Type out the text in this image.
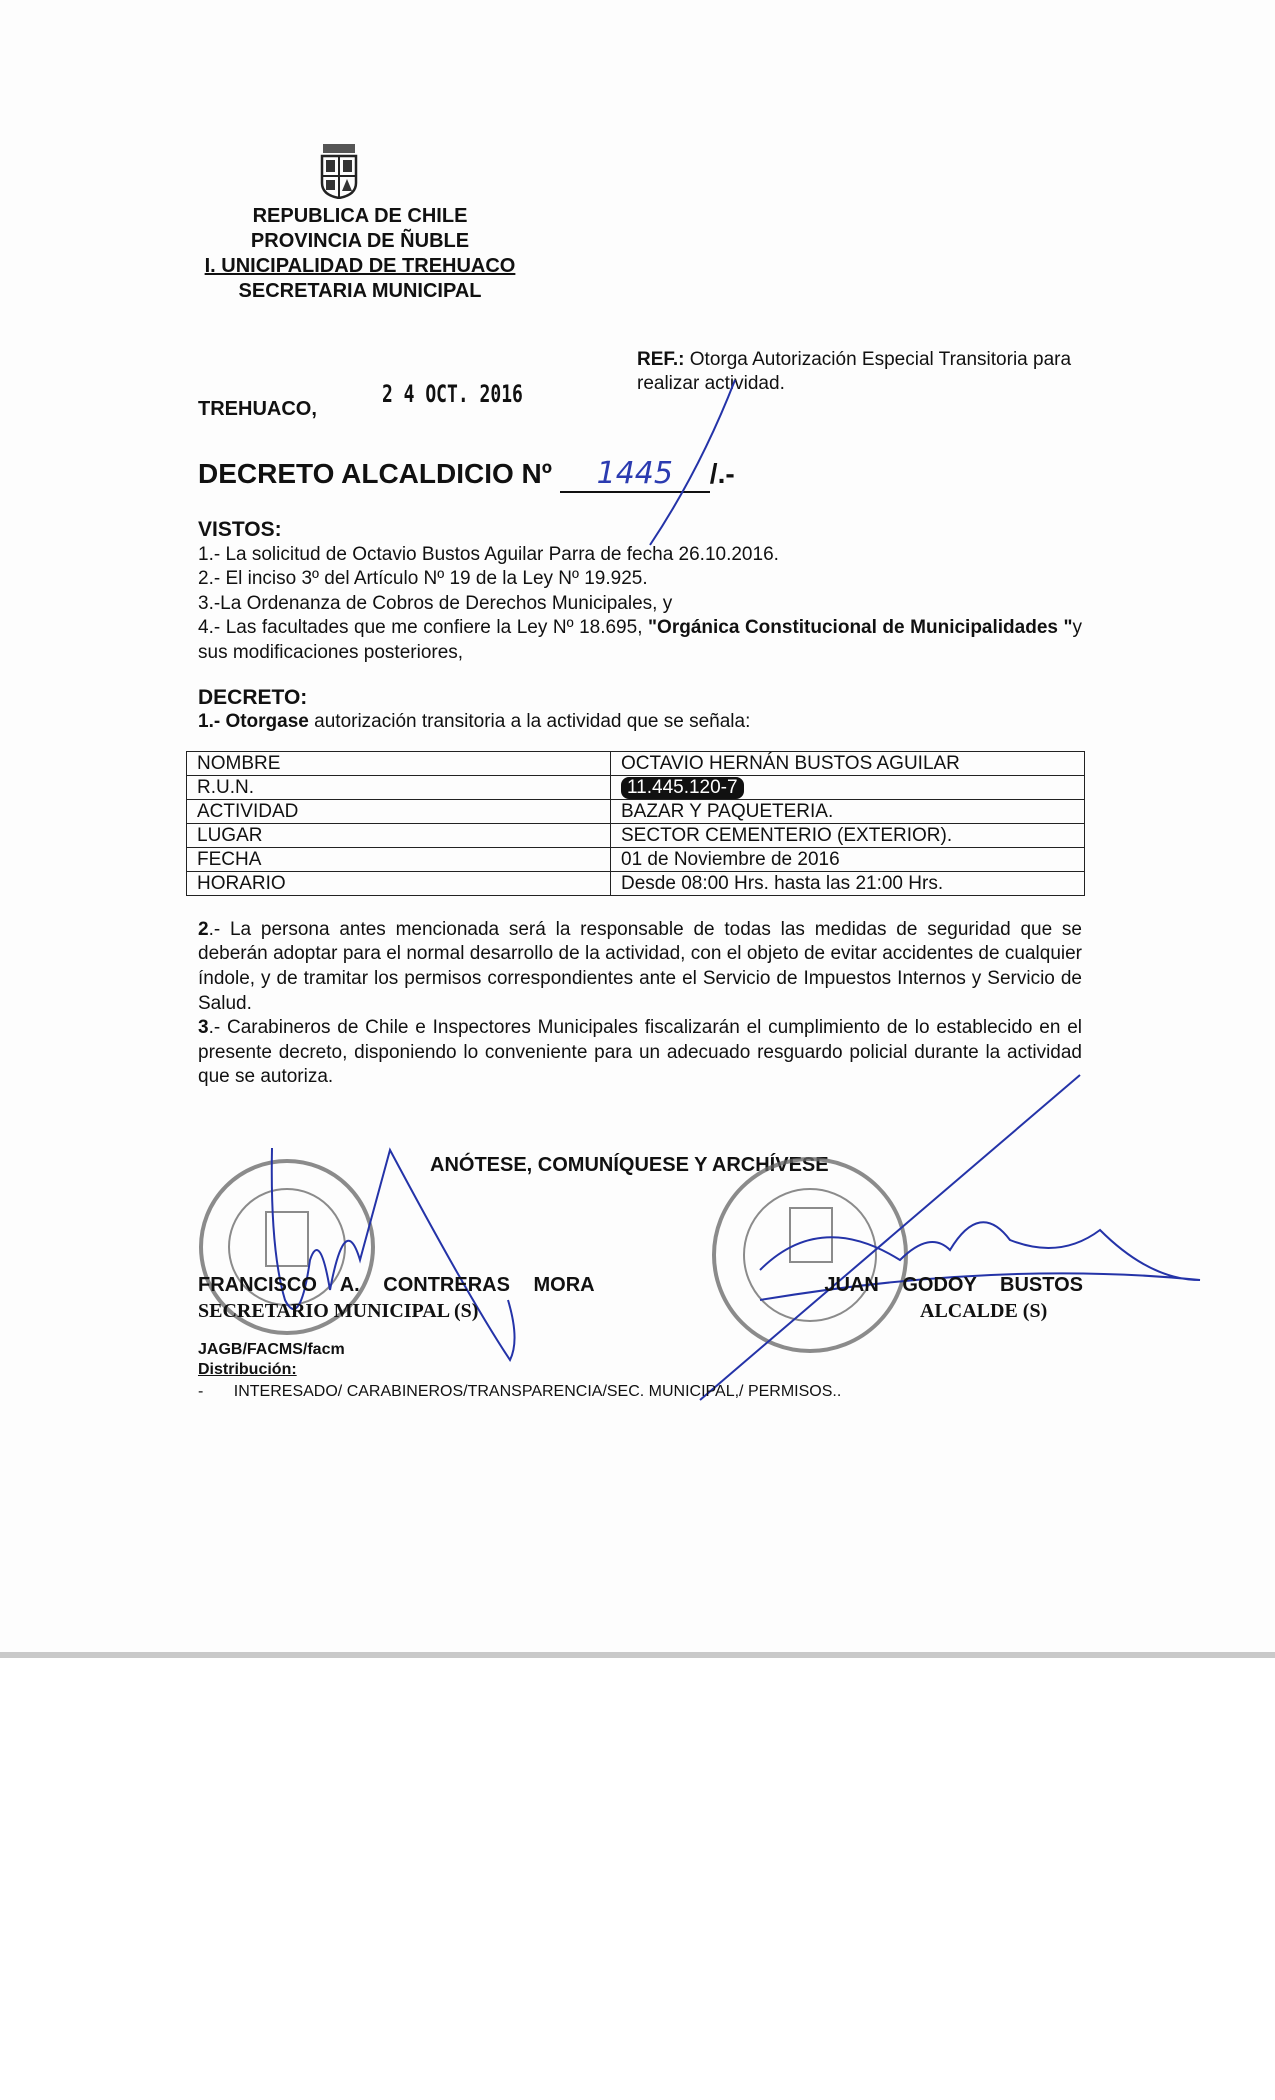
REPUBLICA DE CHILE
PROVINCIA DE ÑUBLE
I. UNICIPALIDAD DE TREHUACO
SECRETARIA MUNICIPAL
REF.: Otorga Autorización Especial Transitoria para realizar actividad.
TREHUACO,
2 4 OCT. 2016
DECRETO ALCALDICIO Nº 1445 /.-
VISTOS:
1.- La solicitud de Octavio Bustos Aguilar Parra de fecha 26.10.2016.
2.- El inciso 3º del Artículo Nº 19 de la Ley Nº 19.925.
3.-La Ordenanza de Cobros de Derechos Municipales, y
4.- Las facultades que me confiere la Ley Nº 18.695, "Orgánica Constitucional de Municipalidades "y sus modificaciones posteriores,
DECRETO:
1.- Otorgase autorización transitoria a la actividad que se señala:
NOMBRE	OCTAVIO HERNÁN BUSTOS AGUILAR
R.U.N.	11.445.120-7
ACTIVIDAD	BAZAR Y PAQUETERIA.
LUGAR	SECTOR CEMENTERIO (EXTERIOR).
FECHA	01 de Noviembre de 2016
HORARIO	Desde 08:00 Hrs. hasta las 21:00 Hrs.
2.- La persona antes mencionada será la responsable de todas las medidas de seguridad que se deberán adoptar para el normal desarrollo de la actividad, con el objeto de evitar accidentes de cualquier índole, y de tramitar los permisos correspondientes ante el Servicio de Impuestos Internos y Servicio de Salud.
3.- Carabineros de Chile e Inspectores Municipales fiscalizarán el cumplimiento de lo establecido en el presente decreto, disponiendo lo conveniente para un adecuado resguardo policial durante la actividad que se autoriza.
ANÓTESE, COMUNÍQUESE Y ARCHÍVESE
FRANCISCO A. CONTRERAS MORA
SECRETARIO MUNICIPAL (S)
JUAN GODOY BUSTOS
ALCALDE (S)
JAGB/FACMS/facm
Distribución:
- INTERESADO/ CARABINEROS/TRANSPARENCIA/SEC. MUNICIPAL,/ PERMISOS..
